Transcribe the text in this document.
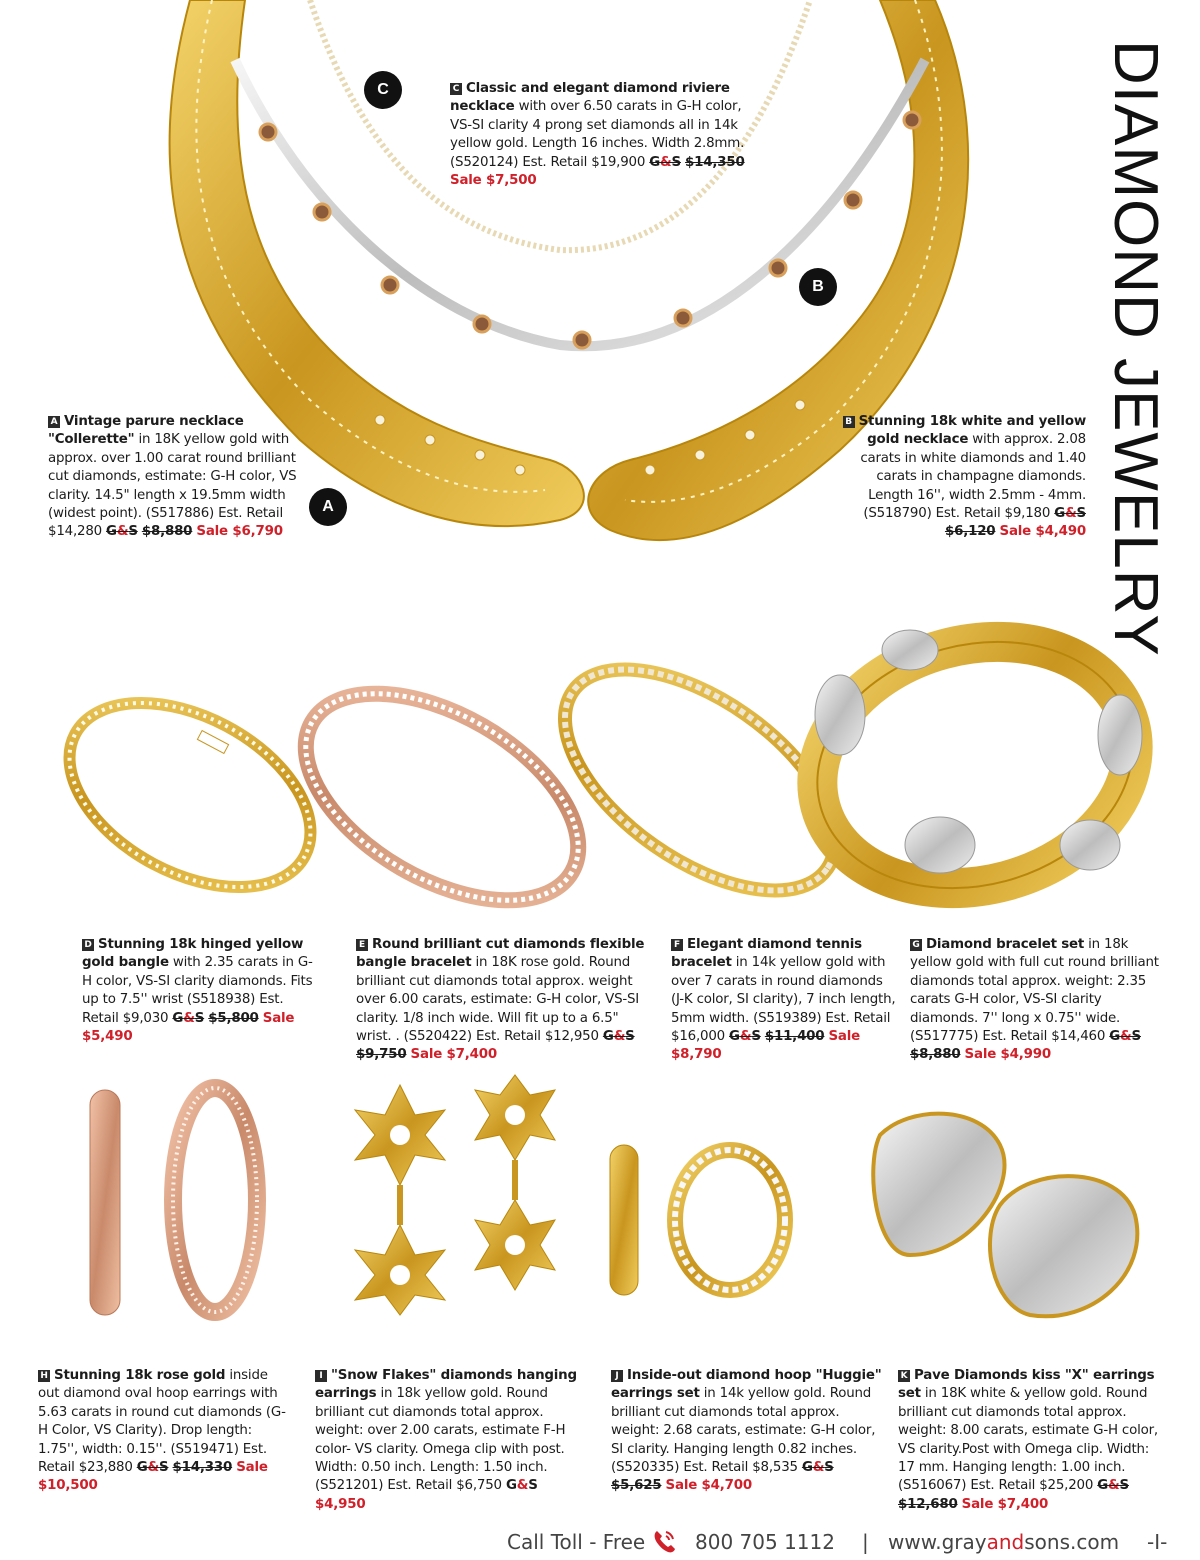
C
B
A	DIAMOND JEWELRY
C Classic and elegant diamond riviere necklace with over 6.50 carats in G-H color, VS-SI clarity 4 prong set diamonds all in 14k yellow gold. Length 16 inches. Width 2.8mm. (S520124) Est. Retail $19,900 G&S $14,350 Sale $7,500
A Vintage parure necklace "Collerette" in 18K yellow gold with approx. over 1.00 carat round brilliant cut diamonds, estimate: G-H color, VS clarity. 14.5" length x 19.5mm width (widest point). (S517886) Est. Retail $14,280 G&S $8,880 Sale $6,790
B Stunning 18k white and yellow gold necklace with approx. 2.08 carats in white diamonds and 1.40 carats in champagne diamonds. Length 16'', width 2.5mm - 4mm. (S518790) Est. Retail $9,180 G&S $6,120 Sale $4,490
D Stunning 18k hinged yellow gold bangle with 2.35 carats in G-H color, VS-SI clarity diamonds. Fits up to 7.5'' wrist (S518938) Est. Retail $9,030 G&S $5,800 Sale $5,490
E Round brilliant cut diamonds flexible bangle bracelet in 18K rose gold. Round brilliant cut diamonds total approx. weight over 6.00 carats, estimate: G-H color, VS-SI clarity. 1/8 inch wide. Will fit up to a 6.5" wrist. . (S520422) Est. Retail $12,950 G&S $9,750 Sale $7,400
F Elegant diamond tennis bracelet in 14k yellow gold with over 7 carats in round diamonds (J-K color, SI clarity), 7 inch length, 5mm width. (S519389) Est. Retail $16,000 G&S $11,400 Sale $8,790
G Diamond bracelet set in 18k yellow gold with full cut round brilliant diamonds total approx. weight: 2.35 carats G-H color, VS-SI clarity diamonds. 7'' long x 0.75'' wide. (S517775) Est. Retail $14,460 G&S $8,880 Sale $4,990
H Stunning 18k rose gold inside out diamond oval hoop earrings with 5.63 carats in round cut diamonds (G-H Color, VS Clarity). Drop length: 1.75'', width: 0.15''. (S519471) Est. Retail $23,880 G&S $14,330 Sale $10,500
I "Snow Flakes" diamonds hanging earrings in 18k yellow gold. Round brilliant cut diamonds total approx. weight: over 2.00 carats, estimate F-H color- VS clarity. Omega clip with post. Width: 0.50 inch. Length: 1.50 inch. (S521201) Est. Retail $6,750 G&S $4,950
J Inside-out diamond hoop "Huggie" earrings set in 14k yellow gold. Round brilliant cut diamonds total approx. weight: 2.68 carats, estimate: G-H color, SI clarity. Hanging length 0.82 inches. (S520335) Est. Retail $8,535 G&S $5,625 Sale $4,700
K Pave Diamonds kiss "X" earrings set in 18K white & yellow gold. Round brilliant cut diamonds total approx. weight: 8.00 carats, estimate G-H color, VS clarity.Post with Omega clip. Width: 17 mm. Hanging length: 1.00 inch. (S516067) Est. Retail $25,200 G&S $12,680 Sale $7,400
Call Toll - Free 800 705 1112 | www.grayandsons.com -I-
